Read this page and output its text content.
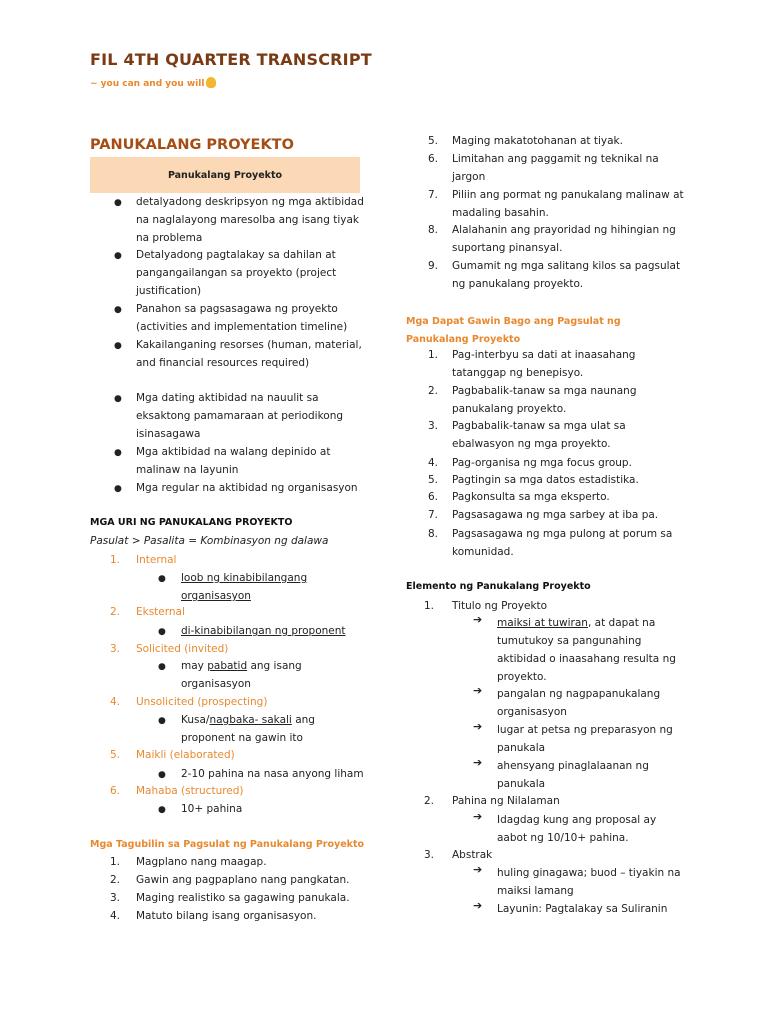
FIL 4TH QUARTER TRANSCRIPT
~ you can and you will
PANUKALANG PROYEKTO
Panukalang Proyekto
● detalyadong deskripsyon ng mga aktibidad
na naglalayong maresolba ang isang tiyak
na problema
● Detalyadong pagtalakay sa dahilan at
pangangailangan sa proyekto (project
justification)
● Panahon sa pagsasagawa ng proyekto
(activities and implementation timeline)
● Kakailanganing resorses (human, material,
and financial resources required)
● Mga dating aktibidad na nauulit sa
eksaktong pamamaraan at periodikong
isinasagawa
● Mga aktibidad na walang depinido at
malinaw na layunin
● Mga regular na aktibidad ng organisasyon
MGA URI NG PANUKALANG PROYEKTO
Pasulat > Pasalita = Kombinasyon ng dalawa
1. Internal
● loob ng kinabibilangang
organisasyon
2. Eksternal
● di-kinabibilangan ng proponent
3. Solicited (invited)
● may pabatid ang isang
organisasyon
4. Unsolicited (prospecting)
● Kusa/nagbaka- sakali ang
proponent na gawin ito
5. Maikli (elaborated)
● 2-10 pahina na nasa anyong liham
6. Mahaba (structured)
● 10+ pahina
Mga Tagubilin sa Pagsulat ng Panukalang Proyekto
1. Magplano nang maagap.
2. Gawin ang pagpaplano nang pangkatan.
3. Maging realistiko sa gagawing panukala.
4. Matuto bilang isang organisasyon.
5. Maging makatotohanan at tiyak.
6. Limitahan ang paggamit ng teknikal na
jargon
7. Piliin ang pormat ng panukalang malinaw at
madaling basahin.
8. Alalahanin ang prayoridad ng hihingian ng
suportang pinansyal.
9. Gumamit ng mga salitang kilos sa pagsulat
ng panukalang proyekto.
Mga Dapat Gawin Bago ang Pagsulat ng
Panukalang Proyekto
1. Pag-interbyu sa dati at inaasahang
tatanggap ng benepisyo.
2. Pagbabalik-tanaw sa mga naunang
panukalang proyekto.
3. Pagbabalik-tanaw sa mga ulat sa
ebalwasyon ng mga proyekto.
4. Pag-organisa ng mga focus group.
5. Pagtingin sa mga datos estadistika.
6. Pagkonsulta sa mga eksperto.
7. Pagsasagawa ng mga sarbey at iba pa.
8. Pagsasagawa ng mga pulong at porum sa
komunidad.
Elemento ng Panukalang Proyekto
1. Titulo ng Proyekto
➔ maiksi at tuwiran, at dapat na
tumutukoy sa pangunahing
aktibidad o inaasahang resulta ng
proyekto.
➔ pangalan ng nagpapanukalang
organisasyon
➔ lugar at petsa ng preparasyon ng
panukala
➔ ahensyang pinaglalaanan ng
panukala
2. Pahina ng Nilalaman
➔ Idagdag kung ang proposal ay
aabot ng 10/10+ pahina.
3. Abstrak
➔ huling ginagawa; buod – tiyakin na
maiksi lamang
➔ Layunin: Pagtalakay sa Suliranin
